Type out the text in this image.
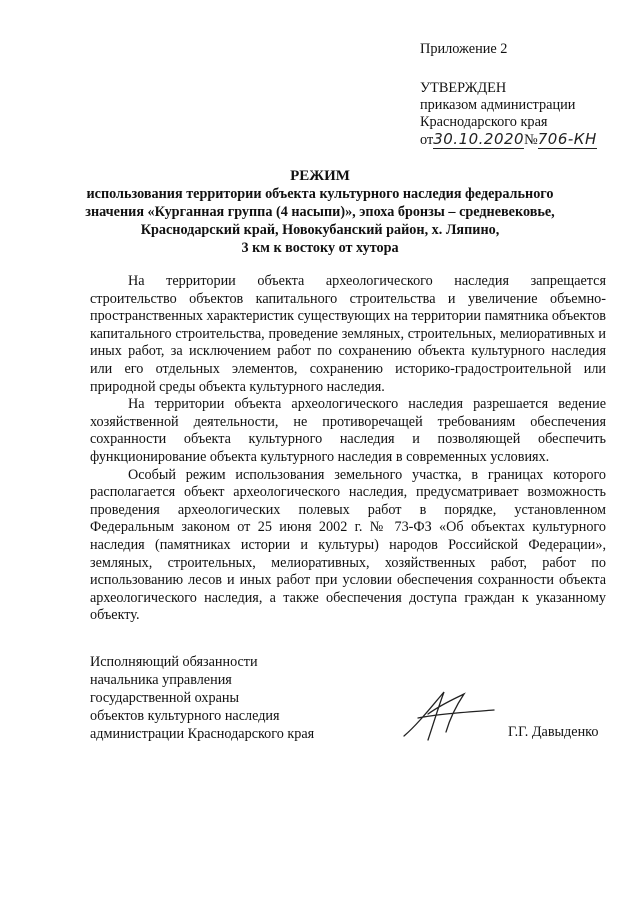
Приложение 2
УТВЕРЖДЕН
приказом администрации
Краснодарского края
от30.10.2020№706-КН
РЕЖИМ
использования территории объекта культурного наследия федерального
значения «Курганная группа (4 насыпи)», эпоха бронзы – средневековье,
Краснодарский край, Новокубанский район, х. Ляпино,
3 км к востоку от хутора

На территории объекта археологического наследия запрещается строительство объектов капитального строительства и увеличение объемно-пространственных характеристик существующих на территории памятника объектов капитального строительства, проведение земляных, строительных, мелиоративных и иных работ, за исключением работ по сохранению объекта культурного наследия или его отдельных элементов, сохранению историко-градостроительной или природной среды объекта культурного наследия.

На территории объекта археологического наследия разрешается ведение хозяйственной деятельности, не противоречащей требованиям обеспечения сохранности объекта культурного наследия и позволяющей обеспечить функционирование объекта культурного наследия в современных условиях.

Особый режим использования земельного участка, в границах которого располагается объект археологического наследия, предусматривает возможность проведения археологических полевых работ в порядке, установленном Федеральным законом от 25 июня 2002 г. № 73-ФЗ «Об объектах культурного наследия (памятниках истории и культуры) народов Российской Федерации», земляных, строительных, мелиоративных, хозяйственных работ, работ по использованию лесов и иных работ при условии обеспечения сохранности объекта археологического наследия, а также обеспечения доступа граждан к указанному объекту.

Исполняющий обязанности
начальника управления
государственной охраны
объектов культурного наследия
администрации Краснодарского края	Г.Г. Давыденко
